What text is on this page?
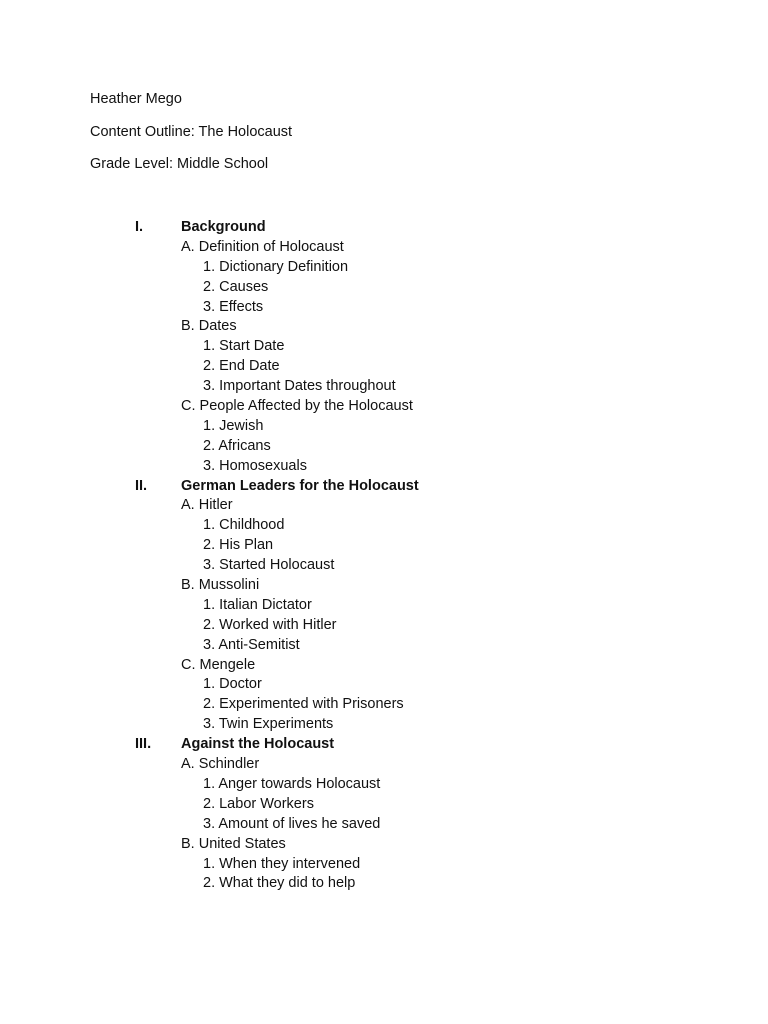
Heather Mego
Content Outline: The Holocaust
Grade Level: Middle School
I.	Background
A. Definition of Holocaust
1. Dictionary Definition
2. Causes
3. Effects
B. Dates
1. Start Date
2. End Date
3. Important Dates throughout
C. People Affected by the Holocaust
1. Jewish
2. Africans
3. Homosexuals
II. German Leaders for the Holocaust
A. Hitler
1. Childhood
2. His Plan
3. Started Holocaust
B. Mussolini
1. Italian Dictator
2. Worked with Hitler
3. Anti-Semitist
C. Mengele
1. Doctor
2. Experimented with Prisoners
3. Twin Experiments
III. Against the Holocaust
A. Schindler
1. Anger towards Holocaust
2. Labor Workers
3. Amount of lives he saved
B. United States
1. When they intervened
2. What they did to help
